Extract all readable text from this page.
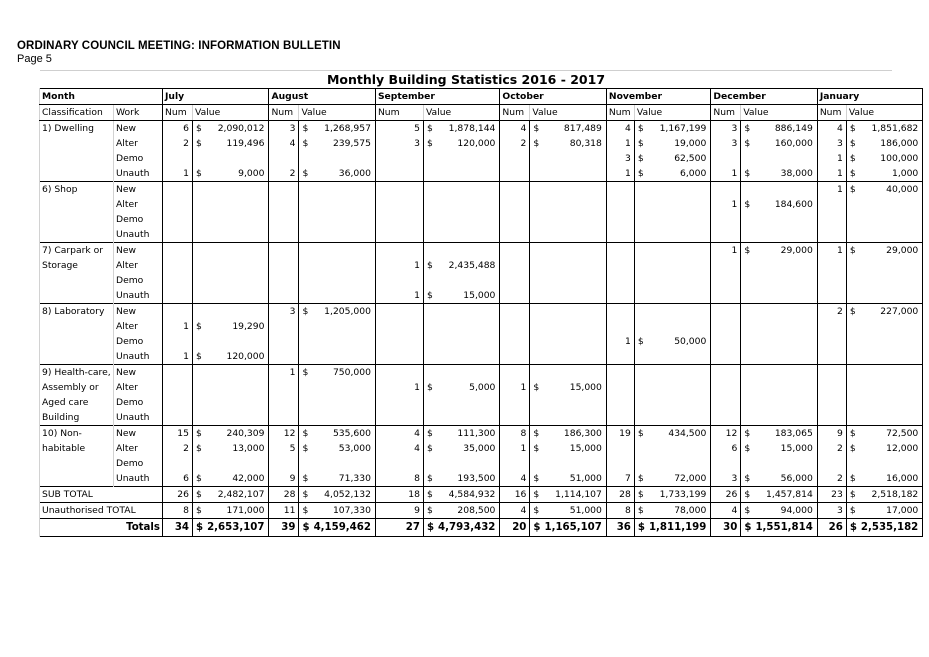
ORDINARY COUNCIL MEETING: INFORMATION BULLETIN
Page 5
Monthly Building Statistics 2016 - 2017
Month		July			August			September			October			November			December			January		
Classification	Work	Num	Value		Num	Value		Num	Value		Num	Value		Num	Value		Num	Value		Num	Value	
1) Dwelling	New	6	$	2,090,012	3	$	1,268,957	5	$	1,878,144	4	$	817,489	4	$	1,167,199	3	$	886,149	4	$	1,851,682
	Alter	2	$	119,496	4	$	239,575	3	$	120,000	2	$	80,318	1	$	19,000	3	$	160,000	3	$	186,000
	Demo													3	$	62,500				1	$	100,000
	Unauth	1	$	9,000	2	$	36,000							1	$	6,000	1	$	38,000	1	$	1,000
6) Shop	New																			1	$	40,000
	Alter																1	$	184,600			
	Demo																					
	Unauth																					
7) Carpark or	New																1	$	29,000	1	$	29,000
Storage	Alter							1	$	2,435,488												
	Demo																					
	Unauth							1	$	15,000												
8) Laboratory	New				3	$	1,205,000													2	$	227,000
	Alter	1	$	19,290																		
	Demo													1	$	50,000						
	Unauth	1	$	120,000																		
9) Health-care,	New				1	$	750,000															
Assembly or	Alter							1	$	5,000	1	$	15,000									
Aged care	Demo																					
Building	Unauth																					
10) Non-	New	15	$	240,309	12	$	535,600	4	$	111,300	8	$	186,300	19	$	434,500	12	$	183,065	9	$	72,500
habitable	Alter	2	$	13,000	5	$	53,000	4	$	35,000	1	$	15,000				6	$	15,000	2	$	12,000
	Demo																					
	Unauth	6	$	42,000	9	$	71,330	8	$	193,500	4	$	51,000	7	$	72,000	3	$	56,000	2	$	16,000
SUB TOTAL		26	$	2,482,107	28	$	4,052,132	18	$	4,584,932	16	$	1,114,107	28	$	1,733,199	26	$	1,457,814	23	$	2,518,182
Unauthorised TOTAL		8	$	171,000	11	$	107,330	9	$	208,500	4	$	51,000	8	$	78,000	4	$	94,000	3	$	17,000
Totals		34	$	2,653,107	39	$	4,159,462	27	$	4,793,432	20	$	1,165,107	36	$	1,811,199	30	$	1,551,814	26	$	2,535,182
